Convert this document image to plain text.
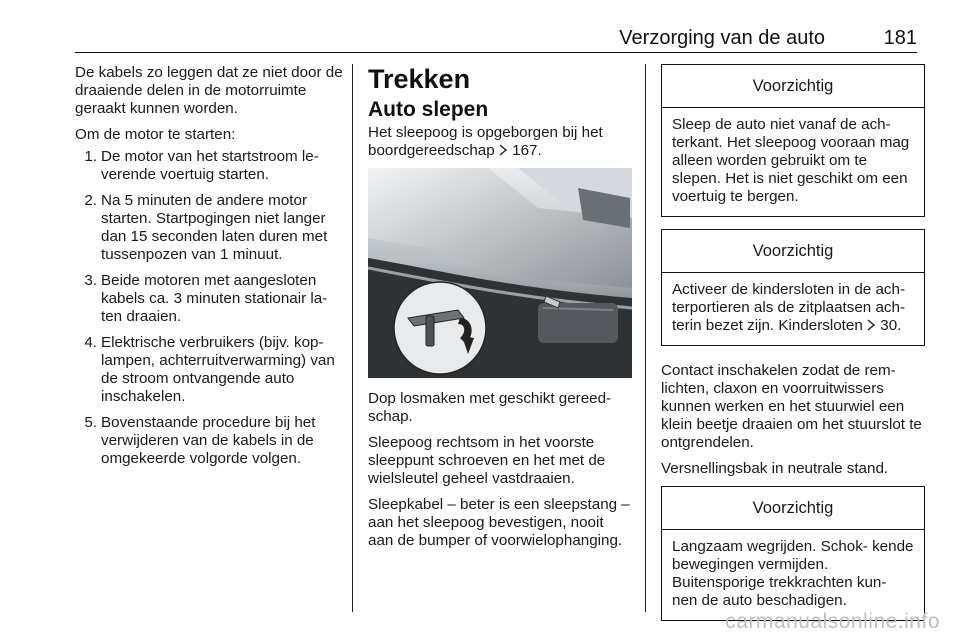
Verzorging van de auto	181

De kabels zo leggen dat ze niet door de draaiende delen in de motorruimte geraakt kunnen worden.

Om de motor te starten:

1. De motor van het startstroom le- verende voertuig starten.
2. Na 5 minuten de andere motor starten. Startpogingen niet langer dan 15 seconden laten duren met tussenpozen van 1 minuut.
3. Beide motoren met aangesloten kabels ca. 3 minuten stationair la- ten draaien.
4. Elektrische verbruikers (bijv. kop- lampen, achterruitverwarming) van de stroom ontvangende auto inschakelen.
5. Bovenstaande procedure bij het verwijderen van de kabels in de omgekeerde volgorde volgen.
Trekken
Auto slepen

Het sleepoog is opgeborgen bij het boordgereedschap 167.

Dop losmaken met geschikt gereed- schap.

Sleepoog rechtsom in het voorste sleeppunt schroeven en het met de wielsleutel geheel vastdraaien.

Sleepkabel – beter is een sleepstang – aan het sleepoog bevestigen, nooit aan de bumper of voorwielophanging.

Voorzichtig
Sleep de auto niet vanaf de ach- terkant. Het sleepoog vooraan mag alleen worden gebruikt om te slepen. Het is niet geschikt om een voertuig te bergen.
Voorzichtig
Activeer de kindersloten in de ach- terportieren als de zitplaatsen ach- terin bezet zijn. Kindersloten 30.

Contact inschakelen zodat de rem- lichten, claxon en voorruitwissers kunnen werken en het stuurwiel een klein beetje draaien om het stuurslot te ontgrendelen.

Versnellingsbak in neutrale stand.

Voorzichtig
Langzaam wegrijden. Schok- kende bewegingen vermijden. Buitensporige trekkrachten kun- nen de auto beschadigen.
carmanualsonline.info
